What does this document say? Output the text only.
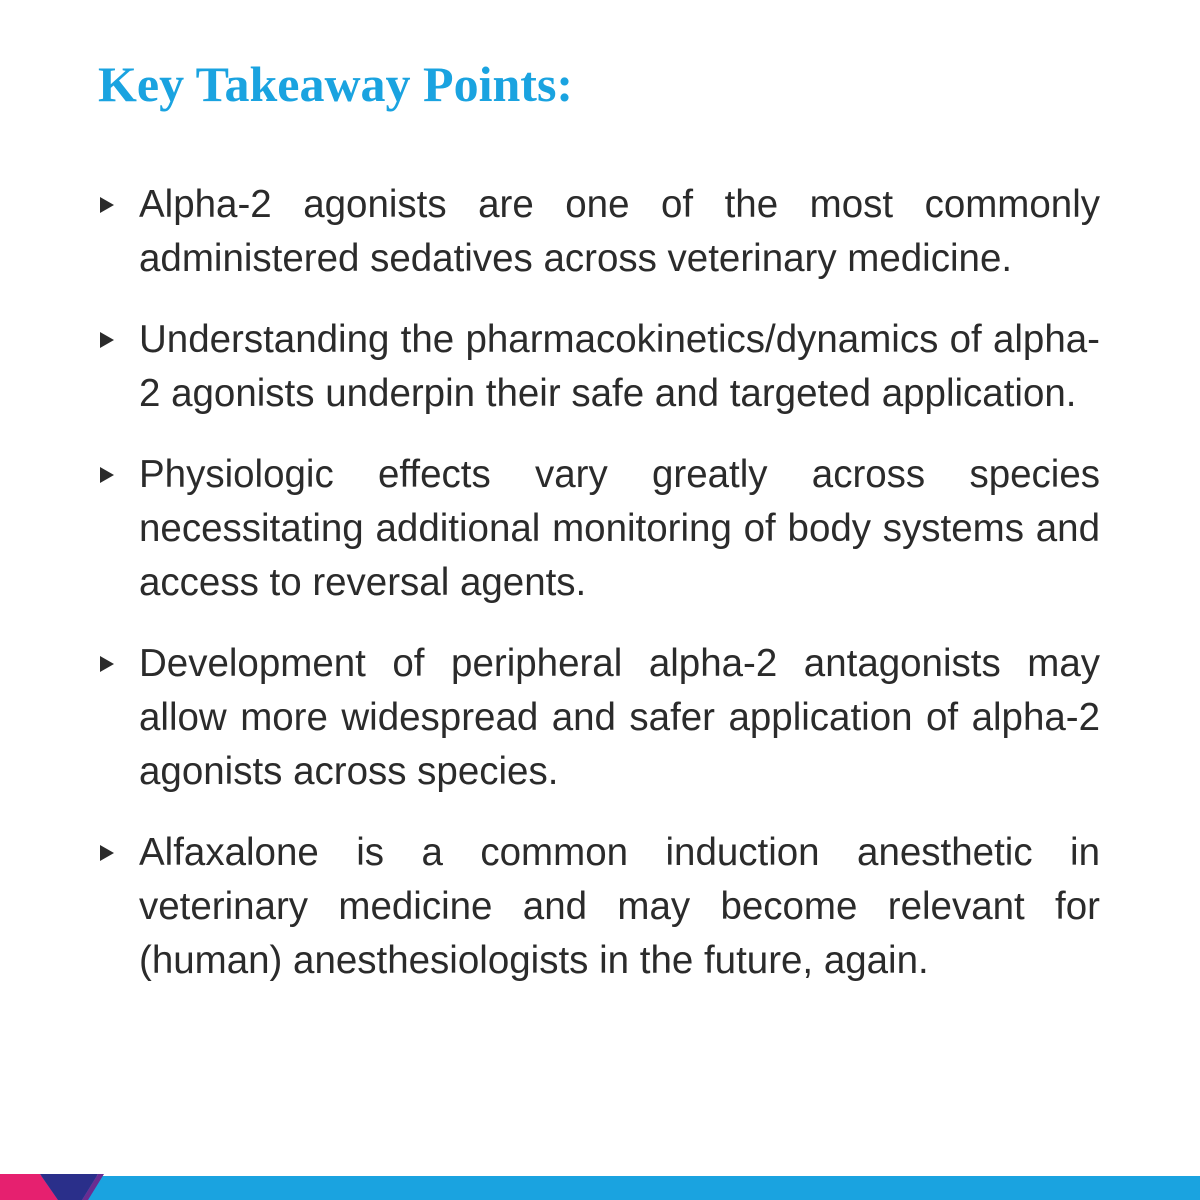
Key Takeaway Points:
Alpha-2 agonists are one of the most commonly administered sedatives across veterinary medicine.
Understanding the pharmacokinetics/dynamics of alpha-2 agonists underpin their safe and targeted application.
Physiologic effects vary greatly across species necessitating additional monitoring of body systems and access to reversal agents.
Development of peripheral alpha-2 antagonists may allow more widespread and safer application of alpha-2 agonists across species.
Alfaxalone is a common induction anesthetic in veterinary medicine and may become relevant for (human) anesthesiologists in the future, again.
